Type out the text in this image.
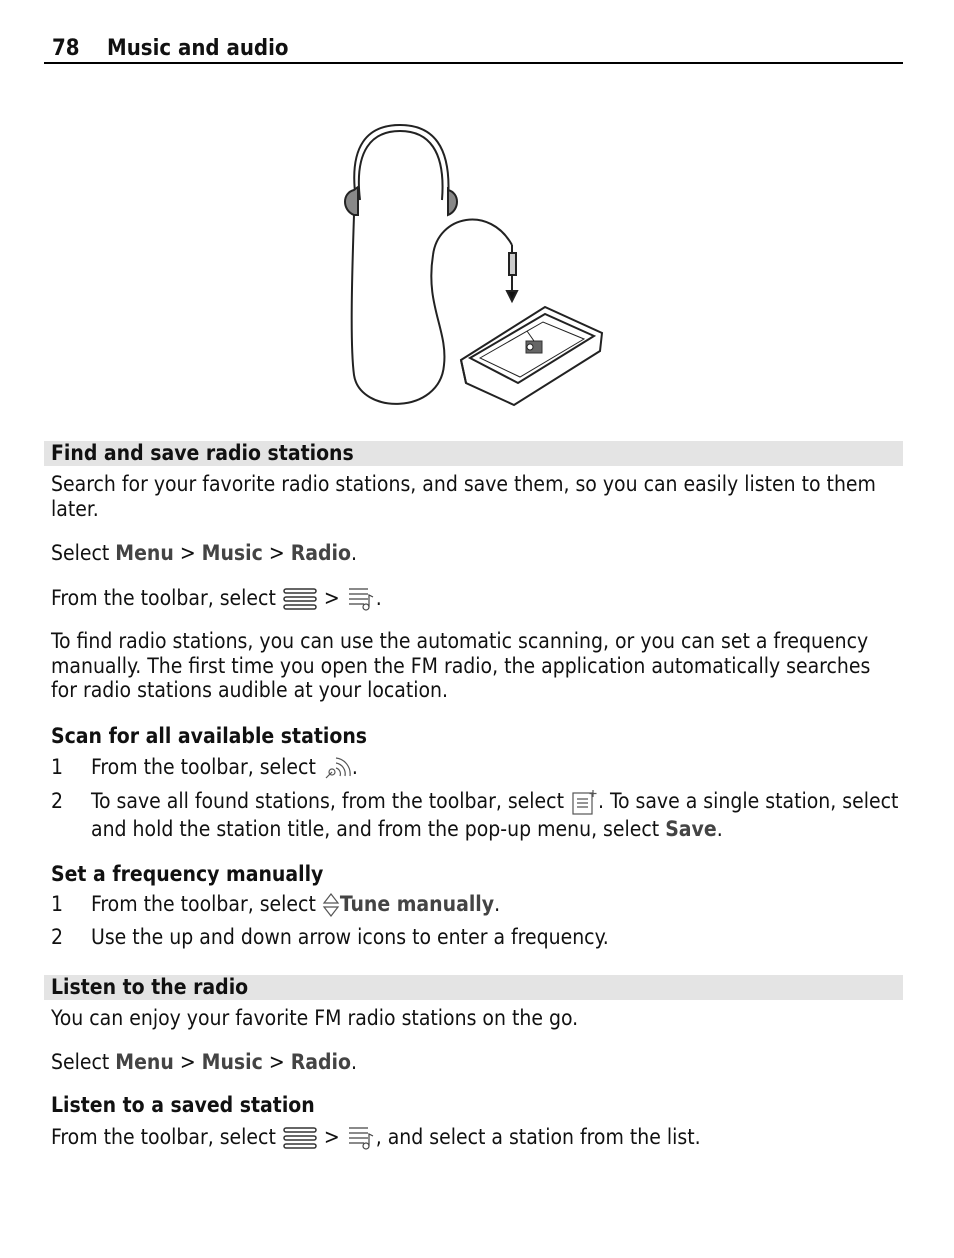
78 Music and audio
Find and save radio stations
Search for your favorite radio stations, and save them, so you can easily listen to them later.
Select Menu > Music > Radio.
From the toolbar, select  > .
To find radio stations, you can use the automatic scanning, or you can set a frequency
manually. The first time you open the FM radio, the application automatically searches
for radio stations audible at your location.
Scan for all available stations
1 From the toolbar, select .
2 To save all found stations, from the toolbar, select . To save a single station, select
and hold the station title, and from the pop-up menu, select Save.
Set a frequency manually
1 From the toolbar, select Tune manually.
2 Use the up and down arrow icons to enter a frequency.
Listen to the radio
You can enjoy your favorite FM radio stations on the go.
Select Menu > Music > Radio.
Listen to a saved station
From the toolbar, select  > , and select a station from the list.
